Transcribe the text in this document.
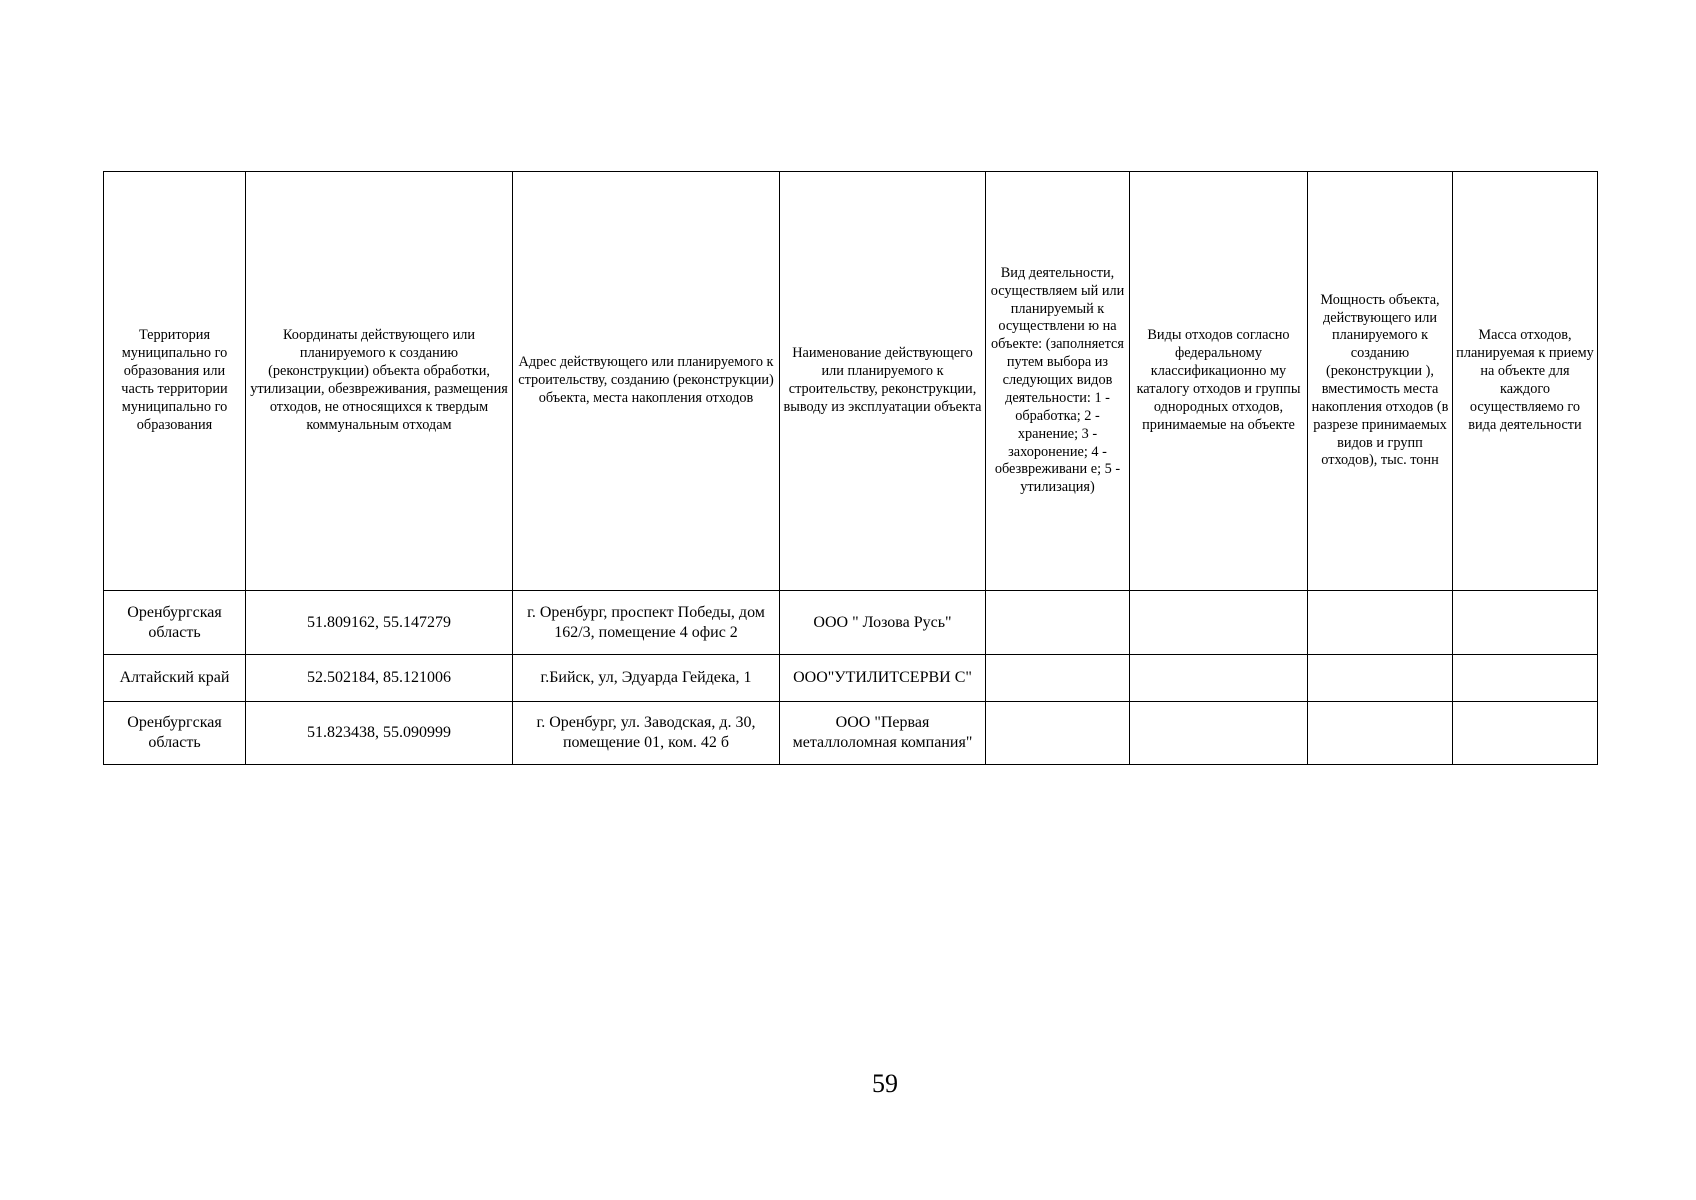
Территория муниципально го образования или часть территории муниципально го образования	Координаты действующего или планируемого к созданию (реконструкции) объекта обработки, утилизации, обезвреживания, размещения отходов, не относящихся к твердым коммунальным отходам	Адрес действующего или планируемого к строительству, созданию (реконструкции) объекта, места накопления отходов	Наименование действующего или планируемого к строительству, реконструкции, выводу из эксплуатации объекта	Вид деятельности, осуществляем ый или планируемый к осуществлени ю на объекте: (заполняется путем выбора из следующих видов деятельности: 1 - обработка; 2 - хранение; 3 - захоронение; 4 - обезвреживани е; 5 - утилизация)	Виды отходов согласно федеральному классификационно му каталогу отходов и группы однородных отходов, принимаемые на объекте	Мощность объекта, действующего или планируемого к созданию (реконструкции ), вместимость места накопления отходов (в разрезе принимаемых видов и групп отходов), тыс. тонн	Масса отходов, планируемая к приему на объекте для каждого осуществляемо го вида деятельности
Оренбургская область	51.809162, 55.147279	г. Оренбург, проспект Победы, дом 162/3, помещение 4 офис 2	ООО " Лозова Русь"				
Алтайский край	52.502184, 85.121006	г.Бийск, ул, Эдуарда Гейдека, 1	ООО"УТИЛИТСЕРВИ С"				
Оренбургская область	51.823438, 55.090999	г. Оренбург, ул. Заводская, д. 30, помещение 01, ком. 42 б	ООО "Первая металлоломная компания"				
59
